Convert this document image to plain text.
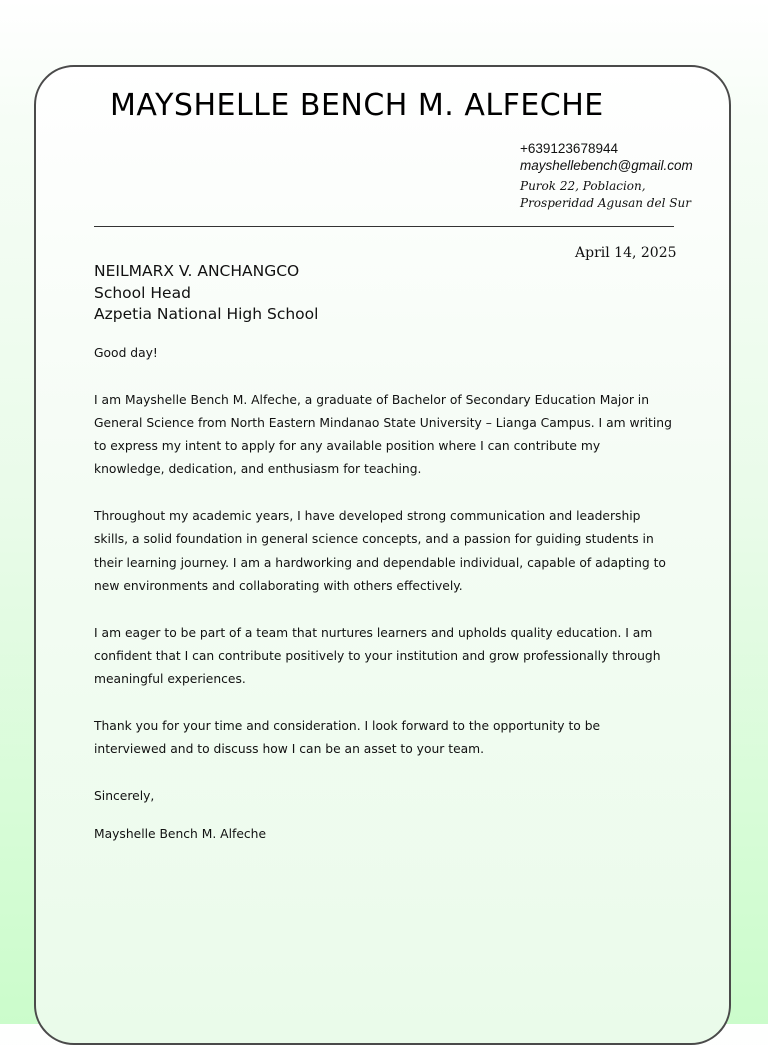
MAYSHELLE BENCH M. ALFECHE
+639123678944
mayshellebench@gmail.com
Purok 22, Poblacion,
Prosperidad Agusan del Sur
April 14, 2025
NEILMARX V. ANCHANGCO
School Head
Azpetia National High School

Good day!

I am Mayshelle Bench M. Alfeche, a graduate of Bachelor of Secondary Education Major in General Science from North Eastern Mindanao State University – Lianga Campus. I am writing to express my intent to apply for any available position where I can contribute my knowledge, dedication, and enthusiasm for teaching.

Throughout my academic years, I have developed strong communication and leadership skills, a solid foundation in general science concepts, and a passion for guiding students in their learning journey. I am a hardworking and dependable individual, capable of adapting to new environments and collaborating with others effectively.

I am eager to be part of a team that nurtures learners and upholds quality education. I am confident that I can contribute positively to your institution and grow professionally through meaningful experiences.

Thank you for your time and consideration. I look forward to the opportunity to be interviewed and to discuss how I can be an asset to your team.

Sincerely,

Mayshelle Bench M. Alfeche
